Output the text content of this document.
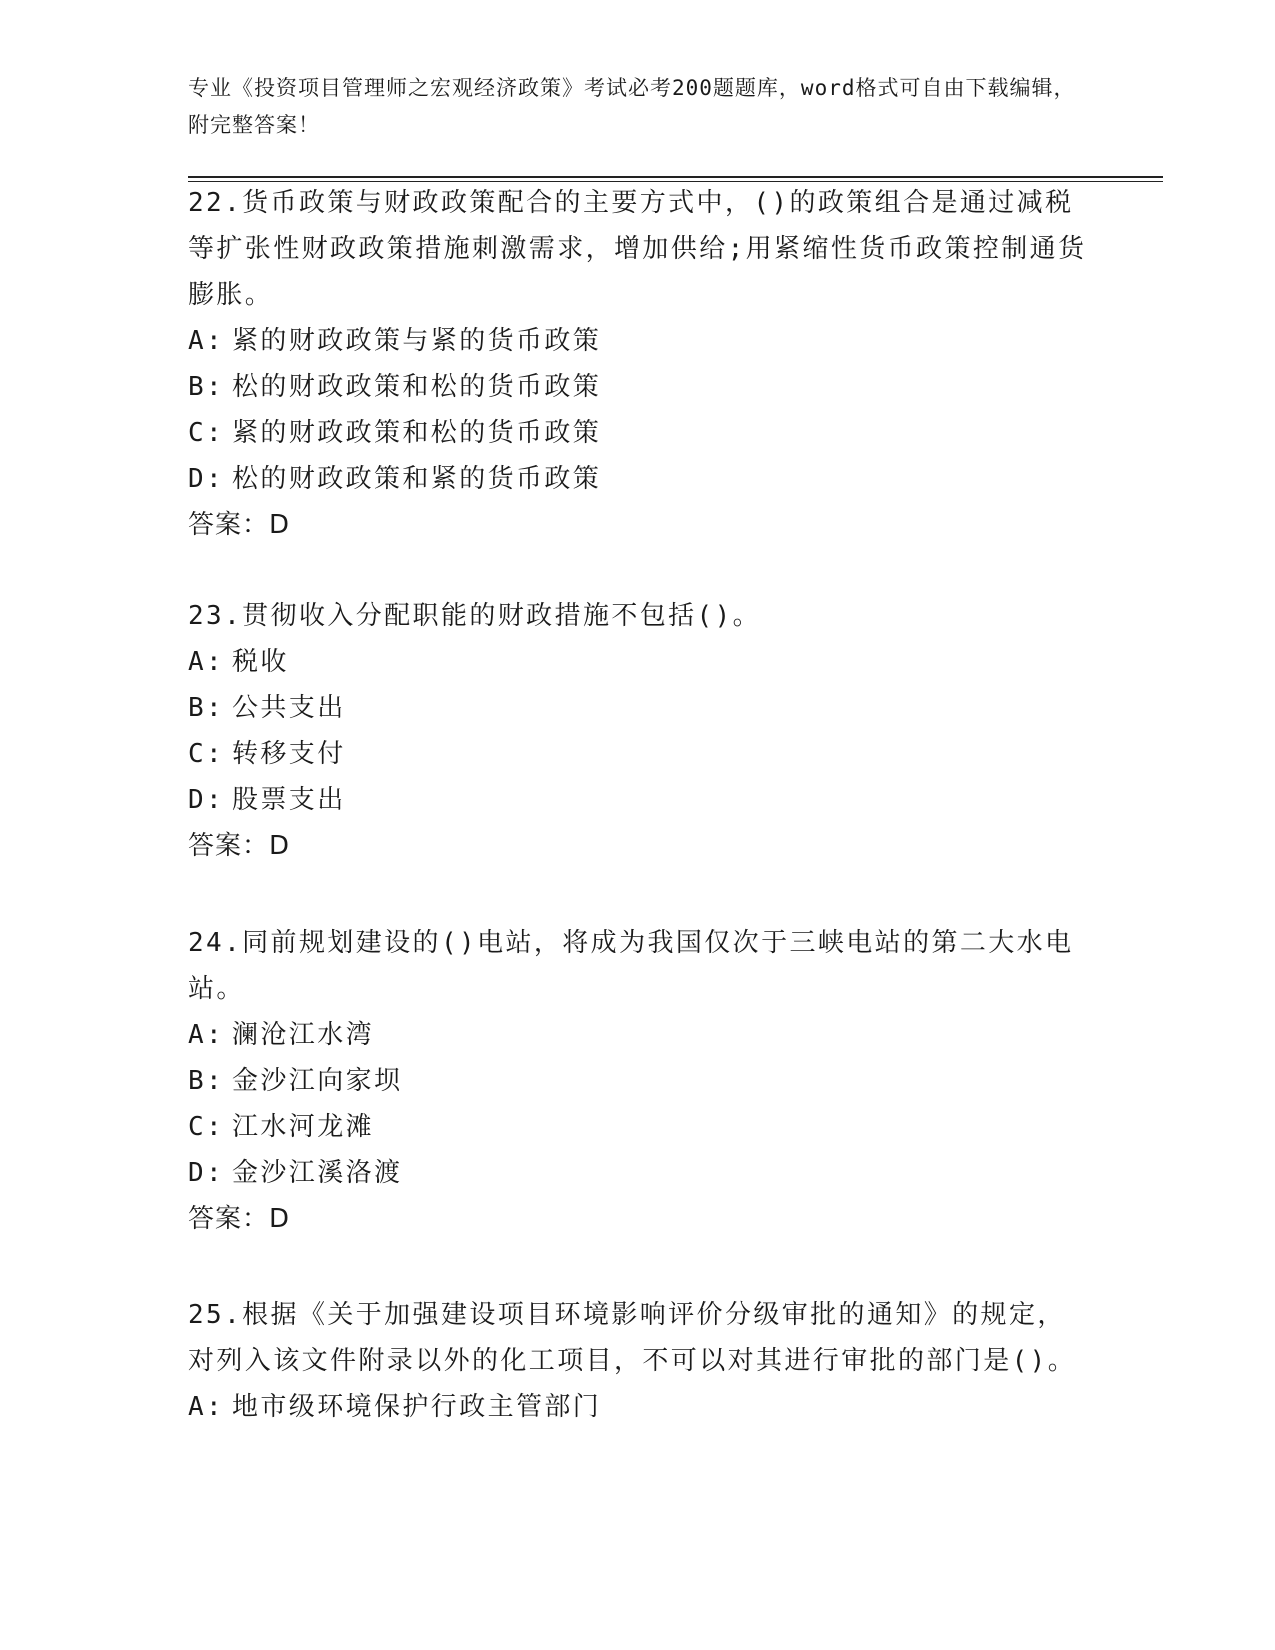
专业《投资项目管理师之宏观经济政策》考试必考200题题库，word格式可自由下载编辑，附完整答案！

22.货币政策与财政政策配合的主要方式中，()的政策组合是通过减税等扩张性财政政策措施刺激需求，增加供给;用紧缩性货币政策控制通货膨胀。

A: 紧的财政政策与紧的货币政策

B: 松的财政政策和松的货币政策

C: 紧的财政政策和松的货币政策

D: 松的财政政策和紧的货币政策

答案：D

23.贯彻收入分配职能的财政措施不包括()。

A: 税收

B: 公共支出

C: 转移支付

D: 股票支出

答案：D

24.同前规划建设的()电站，将成为我国仅次于三峡电站的第二大水电站。

A: 澜沧江水湾

B: 金沙江向家坝

C: 江水河龙滩

D: 金沙江溪洛渡

答案：D

25.根据《关于加强建设项目环境影响评价分级审批的通知》的规定，对列入该文件附录以外的化工项目，不可以对其进行审批的部门是()。

A: 地市级环境保护行政主管部门
